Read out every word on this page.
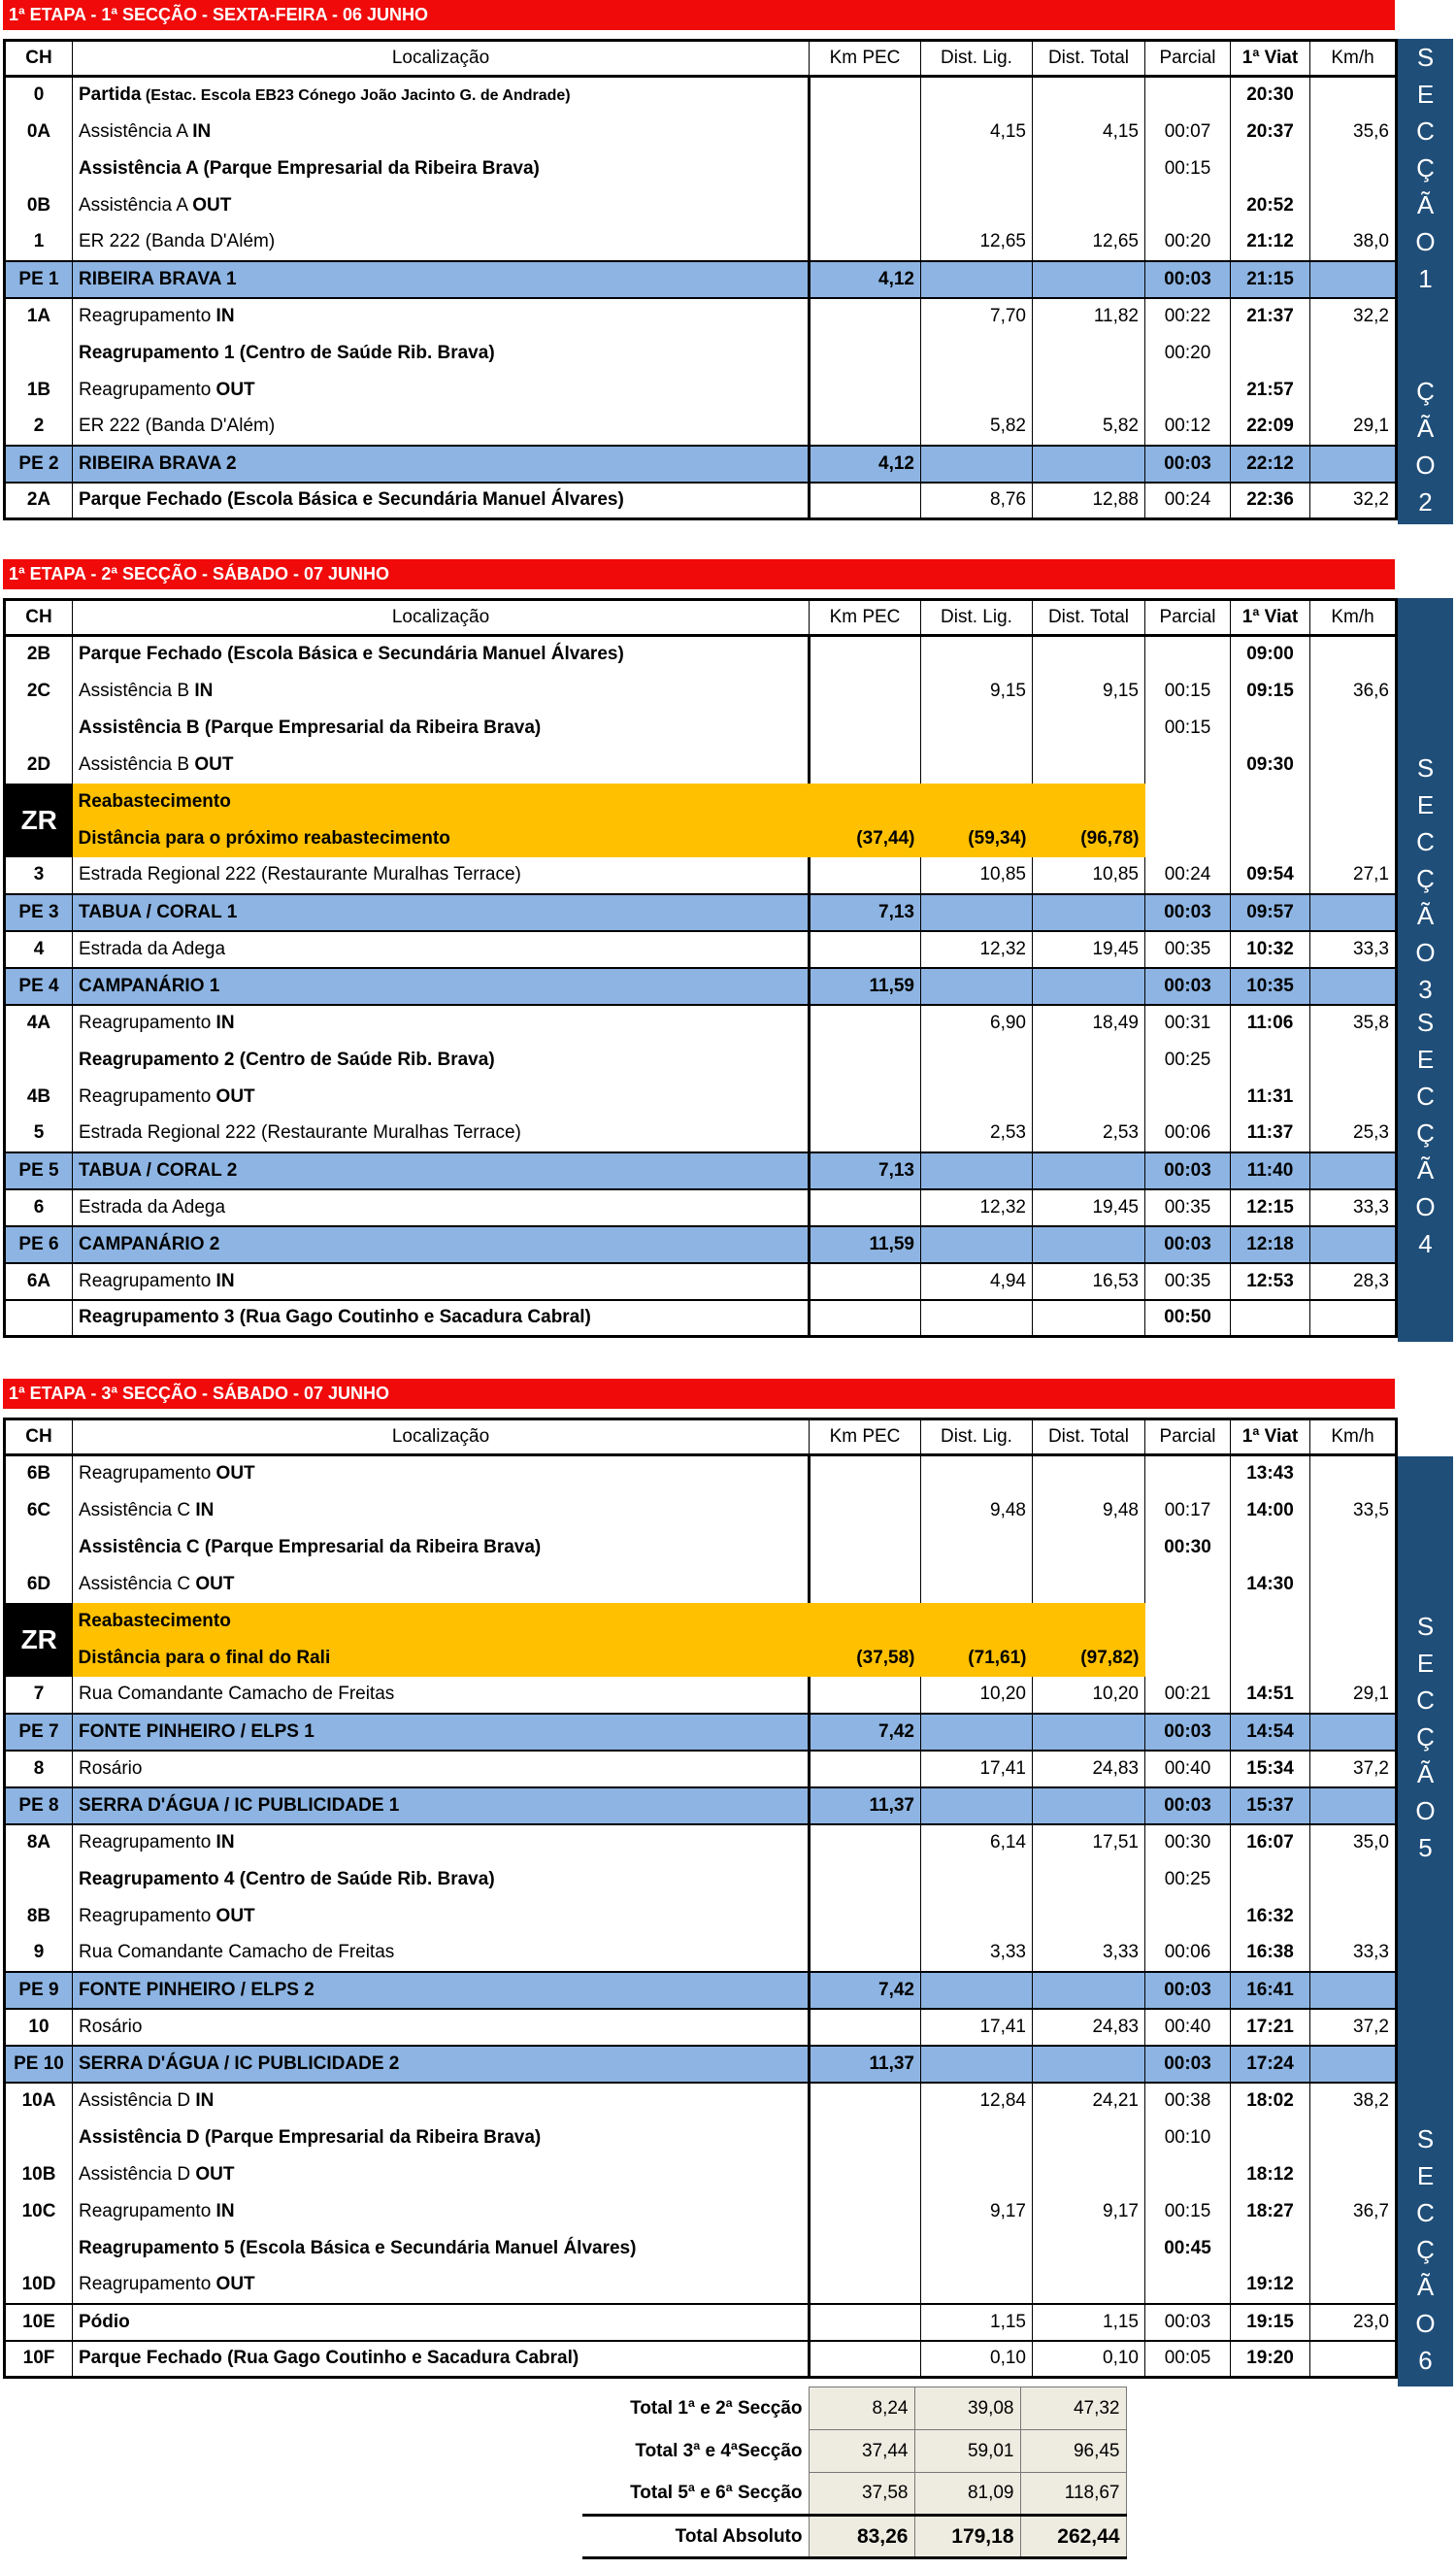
1ª ETAPA - 1ª SECÇÃO - SEXTA-FEIRA - 06 JUNHO
CH	Localização	Km PEC	Dist. Lig.	Dist. Total	Parcial	1ª Viat	Km/h
0	Partida (Estac. Escola EB23 Cónego João Jacinto G. de Andrade)					20:30	
0A	Assistência A IN		4,15	4,15	00:07	20:37	35,6
	Assistência A (Parque Empresarial da Ribeira Brava)				00:15		
0B	Assistência A OUT					20:52	
1	ER 222 (Banda D'Além)		12,65	12,65	00:20	21:12	38,0
PE 1	RIBEIRA BRAVA 1	4,12			00:03	21:15	
1A	Reagrupamento IN		7,70	11,82	00:22	21:37	32,2
	Reagrupamento 1 (Centro de Saúde Rib. Brava)				00:20		
1B	Reagrupamento OUT					21:57	
2	ER 222 (Banda D'Além)		5,82	5,82	00:12	22:09	29,1
PE 2	RIBEIRA BRAVA 2	4,12			00:03	22:12	
2A	Parque Fechado (Escola Básica e Secundária Manuel Álvares)		8,76	12,88	00:24	22:36	32,2
1ª ETAPA - 2ª SECÇÃO - SÁBADO - 07 JUNHO
CH	Localização	Km PEC	Dist. Lig.	Dist. Total	Parcial	1ª Viat	Km/h
2B	Parque Fechado (Escola Básica e Secundária Manuel Álvares)					09:00	
2C	Assistência B IN		9,15	9,15	00:15	09:15	36,6
	Assistência B (Parque Empresarial da Ribeira Brava)				00:15		
2D	Assistência B OUT					09:30	
ZR	Reabastecimento						
	Distância para o próximo reabastecimento	(37,44)	(59,34)	(96,78)			
3	Estrada Regional 222 (Restaurante Muralhas Terrace)		10,85	10,85	00:24	09:54	27,1
PE 3	TABUA / CORAL 1	7,13			00:03	09:57	
4	Estrada da Adega		12,32	19,45	00:35	10:32	33,3
PE 4	CAMPANÁRIO 1	11,59			00:03	10:35	
4A	Reagrupamento IN		6,90	18,49	00:31	11:06	35,8
	Reagrupamento 2 (Centro de Saúde Rib. Brava)				00:25		
4B	Reagrupamento OUT					11:31	
5	Estrada Regional 222 (Restaurante Muralhas Terrace)		2,53	2,53	00:06	11:37	25,3
PE 5	TABUA / CORAL 2	7,13			00:03	11:40	
6	Estrada da Adega		12,32	19,45	00:35	12:15	33,3
PE 6	CAMPANÁRIO 2	11,59			00:03	12:18	
6A	Reagrupamento IN		4,94	16,53	00:35	12:53	28,3
	Reagrupamento 3 (Rua Gago Coutinho e Sacadura Cabral)				00:50		
1ª ETAPA - 3ª SECÇÃO - SÁBADO - 07 JUNHO
CH	Localização	Km PEC	Dist. Lig.	Dist. Total	Parcial	1ª Viat	Km/h
6B	Reagrupamento OUT					13:43	
6C	Assistência C IN		9,48	9,48	00:17	14:00	33,5
	Assistência C (Parque Empresarial da Ribeira Brava)				00:30		
6D	Assistência C OUT					14:30	
ZR	Reabastecimento						
	Distância para o final do Rali	(37,58)	(71,61)	(97,82)			
7	Rua Comandante Camacho de Freitas		10,20	10,20	00:21	14:51	29,1
PE 7	FONTE PINHEIRO / ELPS 1	7,42			00:03	14:54	
8	Rosário		17,41	24,83	00:40	15:34	37,2
PE 8	SERRA D'ÁGUA / IC PUBLICIDADE 1	11,37			00:03	15:37	
8A	Reagrupamento IN		6,14	17,51	00:30	16:07	35,0
	Reagrupamento 4 (Centro de Saúde Rib. Brava)				00:25		
8B	Reagrupamento OUT					16:32	
9	Rua Comandante Camacho de Freitas		3,33	3,33	00:06	16:38	33,3
PE 9	FONTE PINHEIRO / ELPS 2	7,42			00:03	16:41	
10	Rosário		17,41	24,83	00:40	17:21	37,2
PE 10	SERRA D'ÁGUA / IC PUBLICIDADE 2	11,37			00:03	17:24	
10A	Assistência D IN		12,84	24,21	00:38	18:02	38,2
	Assistência D (Parque Empresarial da Ribeira Brava)				00:10		
10B	Assistência D OUT					18:12	
10C	Reagrupamento IN		9,17	9,17	00:15	18:27	36,7
	Reagrupamento 5 (Escola Básica e Secundária Manuel Álvares)				00:45		
10D	Reagrupamento OUT					19:12	
10E	Pódio		1,15	1,15	00:03	19:15	23,0
10F	Parque Fechado (Rua Gago Coutinho e Sacadura Cabral)		0,10	0,10	00:05	19:20	
S
E
C
Ç
Ã
O
1
Ç
Ã
O
2
S
E
C
Ç
Ã
O
3
S
E
C
Ç
Ã
O
4
S
E
C
Ç
Ã
O
5
S
E
C
Ç
Ã
O
6
Total 1ª e 2ª Secção	8,24	39,08	47,32
Total 3ª e 4ªSecção	37,44	59,01	96,45
Total 5ª e 6ª Secção	37,58	81,09	118,67
Total Absoluto	83,26	179,18	262,44
